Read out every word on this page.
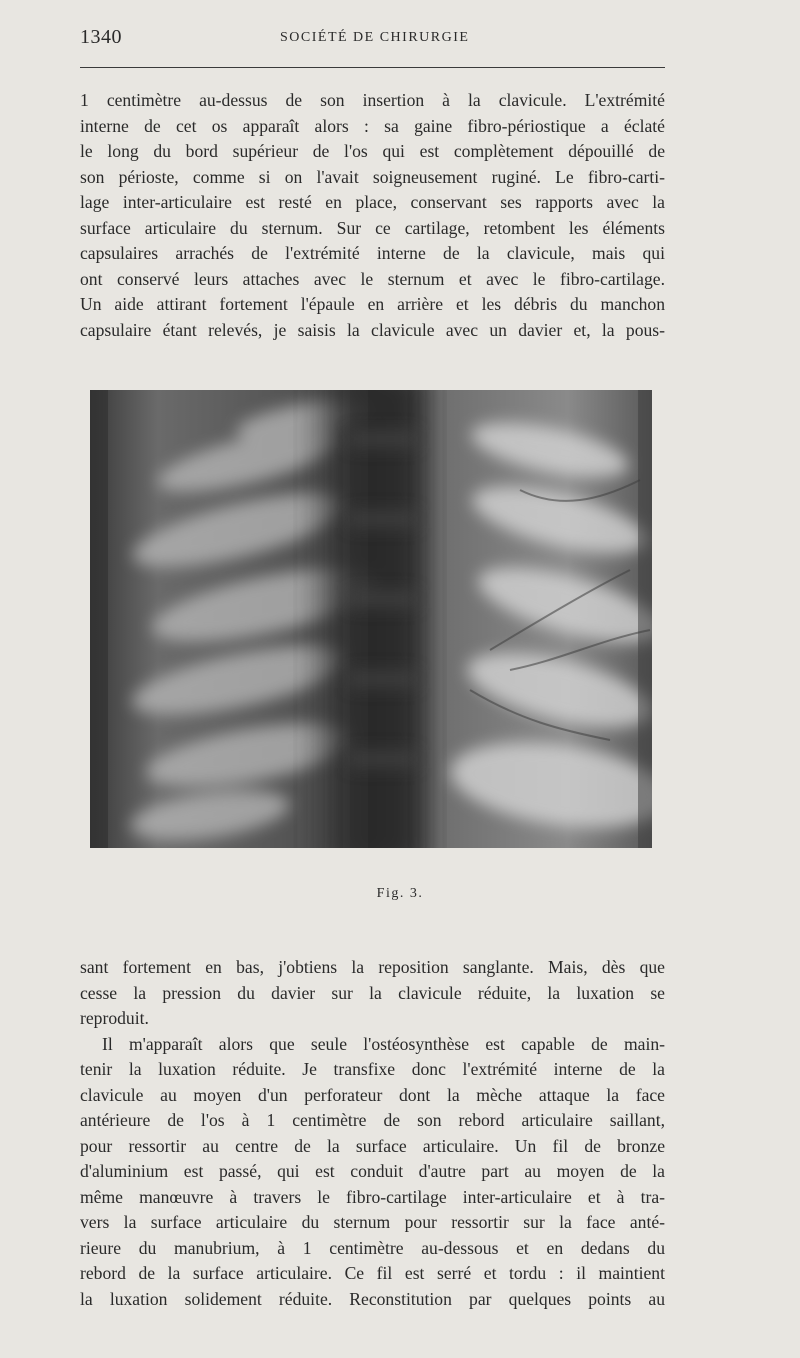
1340	SOCIÉTÉ DE CHIRURGIE

1 centimètre au-dessus de son insertion à la clavicule. L'extrémité
interne de cet os apparaît alors : sa gaine fibro-périostique a éclaté
le long du bord supérieur de l'os qui est complètement dépouillé de
son périoste, comme si on l'avait soigneusement ruginé. Le fibro-carti-
lage inter-articulaire est resté en place, conservant ses rapports avec la
surface articulaire du sternum. Sur ce cartilage, retombent les éléments
capsulaires arrachés de l'extrémité interne de la clavicule, mais qui
ont conservé leurs attaches avec le sternum et avec le fibro-cartilage.
Un aide attirant fortement l'épaule en arrière et les débris du manchon
capsulaire étant relevés, je saisis la clavicule avec un davier et, la pous-

Fig. 3.

sant fortement en bas, j'obtiens la reposition sanglante. Mais, dès que
cesse la pression du davier sur la clavicule réduite, la luxation se
reproduit.
Il m'apparaît alors que seule l'ostéosynthèse est capable de main-
tenir la luxation réduite. Je transfixe donc l'extrémité interne de la
clavicule au moyen d'un perforateur dont la mèche attaque la face
antérieure de l'os à 1 centimètre de son rebord articulaire saillant,
pour ressortir au centre de la surface articulaire. Un fil de bronze
d'aluminium est passé, qui est conduit d'autre part au moyen de la
même manœuvre à travers le fibro-cartilage inter-articulaire et à tra-
vers la surface articulaire du sternum pour ressortir sur la face anté-
rieure du manubrium, à 1 centimètre au-dessous et en dedans du
rebord de la surface articulaire. Ce fil est serré et tordu : il maintient
la luxation solidement réduite. Reconstitution par quelques points au
